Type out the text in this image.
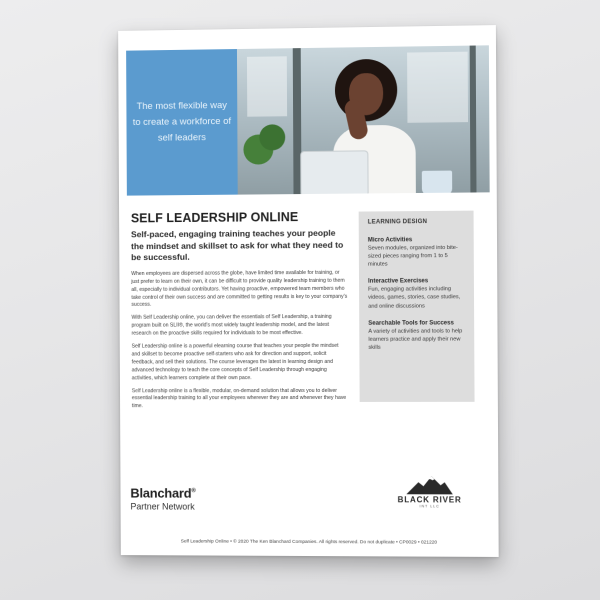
The most flexible way to create a workforce of self leaders

SELF LEADERSHIP ONLINE

Self-paced, engaging training teaches your people the mindset and skillset to ask for what they need to be successful.

When employees are dispersed across the globe, have limited time available for training, or just prefer to learn on their own, it can be difficult to provide quality leadership training to them all, especially to individual contributors. Yet having proactive, empowered team members who take control of their own success and are committed to getting results is key to your company's success.

With Self Leadership online, you can deliver the essentials of Self Leadership, a training program built on SLII®, the world's most widely taught leadership model, and the latest research on the proactive skills required for individuals to be most effective.

Self Leadership online is a powerful elearning course that teaches your people the mindset and skillset to become proactive self-starters who ask for direction and support, solicit feedback, and sell their solutions. The course leverages the latest in learning design and advanced technology to teach the core concepts of Self Leadership through engaging activities, which learners complete at their own pace.

Self Leadership online is a flexible, modular, on-demand solution that allows you to deliver essential leadership training to all your employees wherever they are and whenever they have time.

LEARNING DESIGN
Micro Activities

Seven modules, organized into bite-sized pieces ranging from 1 to 5 minutes

Interactive Exercises

Fun, engaging activities including videos, games, stories, case studies, and online discussions

Searchable Tools for Success

A variety of activities and tools to help learners practice and apply their new skills

Blanchard®
Partner Network
BLACK RIVER
INT LLC
Self Leadership Online • © 2020 The Ken Blanchard Companies. All rights reserved. Do not duplicate • CP0029 • 021220
